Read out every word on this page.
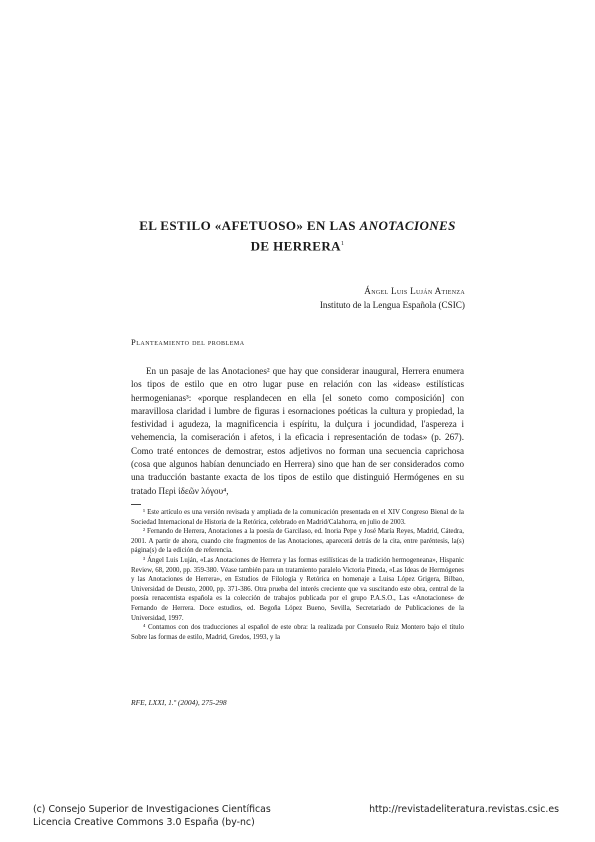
EL ESTILO «AFETUOSO» EN LAS ANOTACIONES
DE HERRERA$^1$
Ángel Luis Luján Atienza
Instituto de la Lengua Española (CSIC)
Planteamiento del problema

En un pasaje de las Anotaciones² que hay que considerar inaugural, Herrera enumera los tipos de estilo que en otro lugar puse en relación con las «ideas» estilísticas hermogenianas³: «porque resplandecen en ella [el soneto como composición] con maravillosa claridad i lumbre de figuras i esornaciones poéticas la cultura y propiedad, la festividad i agudeza, la magnificencia i espíritu, la dulçura i jocundidad, l'aspereza i vehemencia, la comiseración i afetos, i la eficacia i representación de todas» (p. 267). Como traté entonces de demostrar, estos adjetivos no forman una secuencia caprichosa (cosa que algunos habían denunciado en Herrera) sino que han de ser considerados como una traducción bastante exacta de los tipos de estilo que distinguió Hermógenes en su tratado Περὶ ἰδεῶν λόγου⁴,

¹ Este artículo es una versión revisada y ampliada de la comunicación presentada en el XIV Congreso Bienal de la Sociedad Internacional de Historia de la Retórica, celebrado en Madrid/Calahorra, en julio de 2003.

² Fernando de Herrera, Anotaciones a la poesía de Garcilaso, ed. Inoria Pepe y José María Reyes, Madrid, Cátedra, 2001. A partir de ahora, cuando cite fragmentos de las Anotaciones, aparecerá detrás de la cita, entre paréntesis, la(s) página(s) de la edición de referencia.

³ Ángel Luis Luján, «Las Anotaciones de Herrera y las formas estilísticas de la tradición hermogeneana», Hispanic Review, 68, 2000, pp. 359-380. Véase también para un tratamiento paralelo Victoria Pineda, «Las Ideas de Hermógenes y las Anotaciones de Herrera», en Estudios de Filología y Retórica en homenaje a Luisa López Grigera, Bilbao, Universidad de Deusto, 2000, pp. 371-386. Otra prueba del interés creciente que va suscitando este obra, central de la poesía renacentista española es la colección de trabajos publicada por el grupo P.A.S.O., Las «Anotaciones» de Fernando de Herrera. Doce estudios, ed. Begoña López Bueno, Sevilla, Secretariado de Publicaciones de la Universidad, 1997.

⁴ Contamos con dos traducciones al español de este obra: la realizada por Consuelo Ruiz Montero bajo el título Sobre las formas de estilo, Madrid, Gredos, 1993, y la

RFE, LXXI, 1.º (2004), 275-298
(c) Consejo Superior de Investigaciones Científicas
Licencia Creative Commons 3.0 España (by-nc)
http://revistadeliteratura.revistas.csic.es
